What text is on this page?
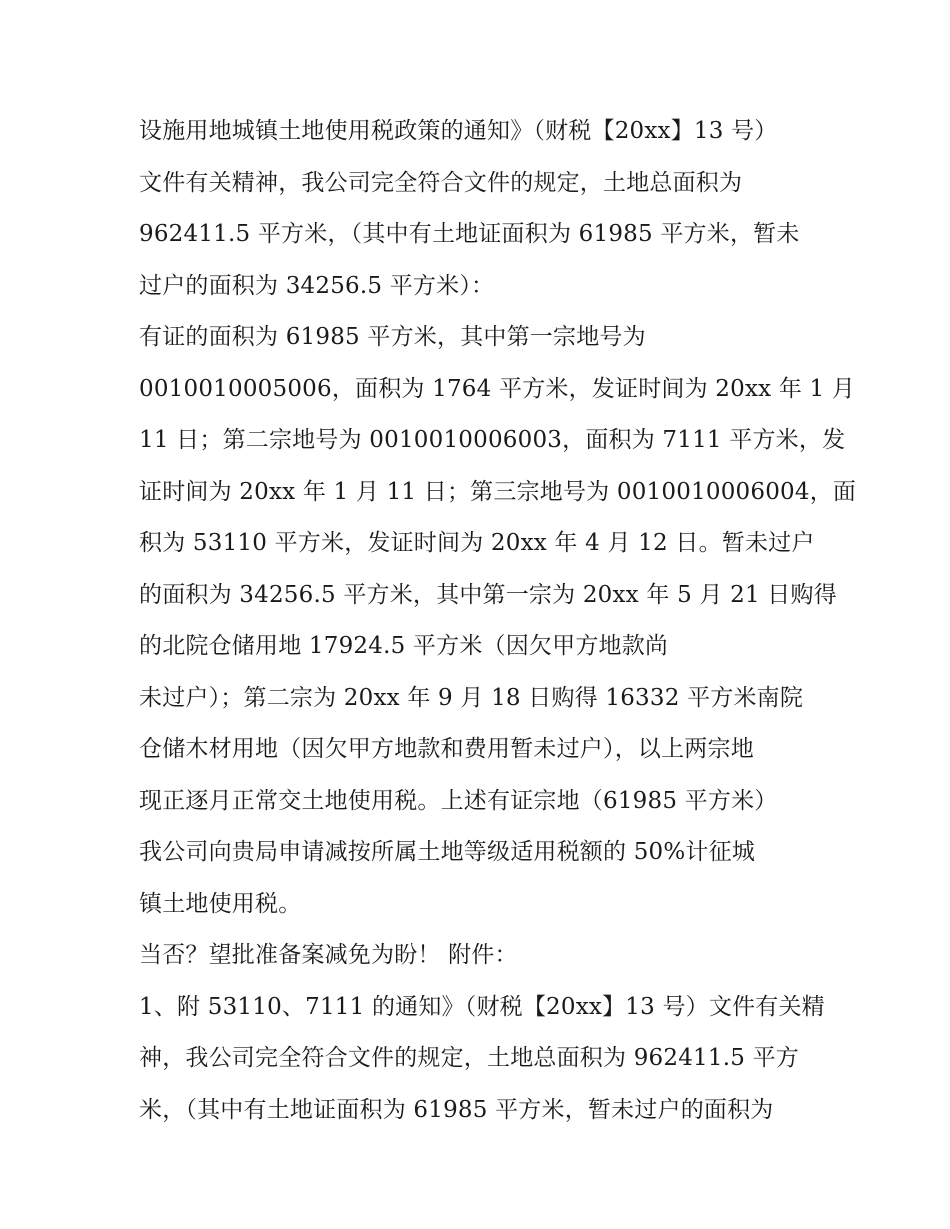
设施用地城镇土地使用税政策的通知》（财税【20xx】13 号）
文件有关精神，我公司完全符合文件的规定，土地总面积为
962411.5 平方米，（其中有土地证面积为 61985 平方米，暂未
过户的面积为 34256.5 平方米）：
有证的面积为 61985 平方米，其中第一宗地号为
0010010005006，面积为 1764 平方米，发证时间为 20xx 年 1 月
11 日；第二宗地号为 0010010006003，面积为 7111 平方米，发
证时间为 20xx 年 1 月 11 日；第三宗地号为 0010010006004，面
积为 53110 平方米，发证时间为 20xx 年 4 月 12 日。暂未过户
的面积为 34256.5 平方米，其中第一宗为 20xx 年 5 月 21 日购得
的北院仓储用地 17924.5 平方米（因欠甲方地款尚
未过户）；第二宗为 20xx 年 9 月 18 日购得 16332 平方米南院
仓储木材用地（因欠甲方地款和费用暂未过户），以上两宗地
现正逐月正常交土地使用税。上述有证宗地（61985 平方米）
我公司向贵局申请减按所属土地等级适用税额的 50%计征城
镇土地使用税。
当否？望批准备案减免为盼！ 附件：
1、附 53110、7111 的通知》（财税【20xx】13 号）文件有关精
神，我公司完全符合文件的规定，土地总面积为 962411.5 平方
米，（其中有土地证面积为 61985 平方米，暂未过户的面积为
